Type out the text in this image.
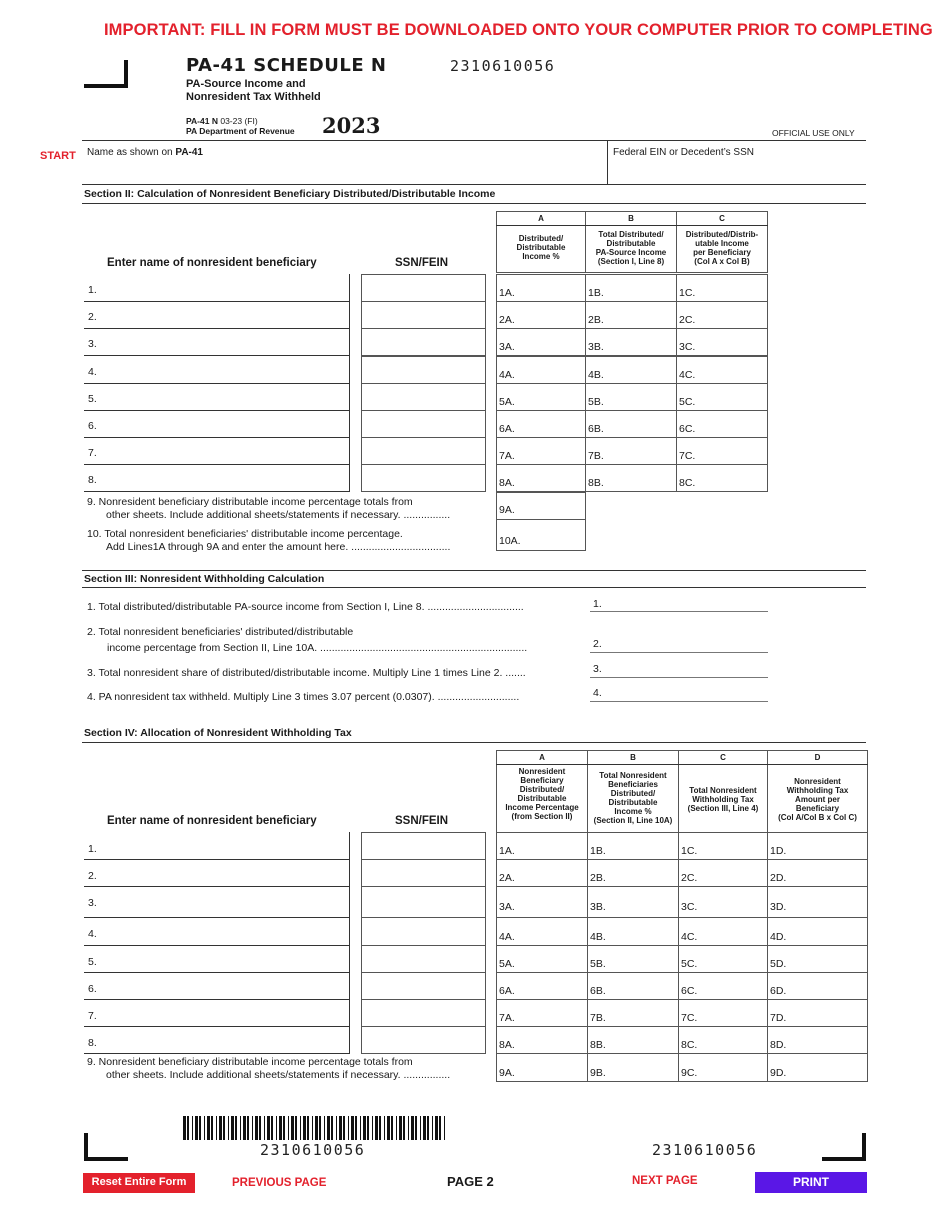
IMPORTANT: FILL IN FORM MUST BE DOWNLOADED ONTO YOUR COMPUTER PRIOR TO COMPLETING
PA-41 SCHEDULE N	2310610056
PA-Source Income and
Nonresident Tax Withheld
PA-41 N 03-23 (FI)
PA Department of Revenue 2023	OFFICIAL USE ONLY
START Name as shown on PA-41	Federal EIN or Decedent’s SSN
Section II: Calculation of Nonresident Beneficiary Distributed/Distributable Income
A	B	C
Distributed/
Distributable
Income %
Total Distributed/
Distributable
PA-Source Income
(Section I, Line 8)
Distributed/Distrib-
utable Income
per Beneficiary
(Col A x Col B)
Enter name of nonresident beneficiary	SSN/FEIN
1.	1A.	1B.	1C.
2.	2A.	2B.	2C.
3.	3A.	3B.	3C.
4.	4A.	4B.	4C.
5.	5A.	5B.	5C.
6.	6A.	6B.	6C.
7.	7A.	7B.	7C.
8.	8A.	8B.	8C.
9. Nonresident beneficiary distributable income percentage totals from
other sheets. Include additional sheets/statements if necessary. ................	9A.
10. Total nonresident beneficiaries' distributable income percentage.
Add Lines1A through 9A and enter the amount here. ..................................	10A.
Section III: Nonresident Withholding Calculation
1. Total distributed/distributable PA-source income from Section I, Line 8. .................................	1.
2. Total nonresident beneficiaries' distributed/distributable
income percentage from Section II, Line 10A. .......................................................................	2.
3. Total nonresident share of distributed/distributable income. Multiply Line 1 times Line 2. .......	3.
4. PA nonresident tax withheld. Multiply Line 3 times 3.07 percent (0.0307). ............................	4.
Section IV: Allocation of Nonresident Withholding Tax
A	B	C	D
Nonresident
Beneficiary
Distributed/
Distributable
Income Percentage
(from Section II)
Total Nonresident
Beneficiaries
Distributed/
Distributable
Income %
(Section II, Line 10A)
Total Nonresident
Withholding Tax
(Section III, Line 4)
Nonresident
Withholding Tax
Amount per
Beneficiary
(Col A/Col B x Col C)
Enter name of nonresident beneficiary	SSN/FEIN
1.	1A.	1B.	1C.	1D.
2.	2A.	2B.	2C.	2D.
3.	3A.	3B.	3C.	3D.
4.	4A.	4B.	4C.	4D.
5.	5A.	5B.	5C.	5D.
6.	6A.	6B.	6C.	6D.
7.	7A.	7B.	7C.	7D.
8.	8A.	8B.	8C.	8D.
9A.	9B.	9C.	9D.
9. Nonresident beneficiary distributable income percentage totals from
other sheets. Include additional sheets/statements if necessary. ................
2310610056	2310610056
Reset Entire Form	PREVIOUS PAGE	PAGE 2	NEXT PAGE	PRINT
